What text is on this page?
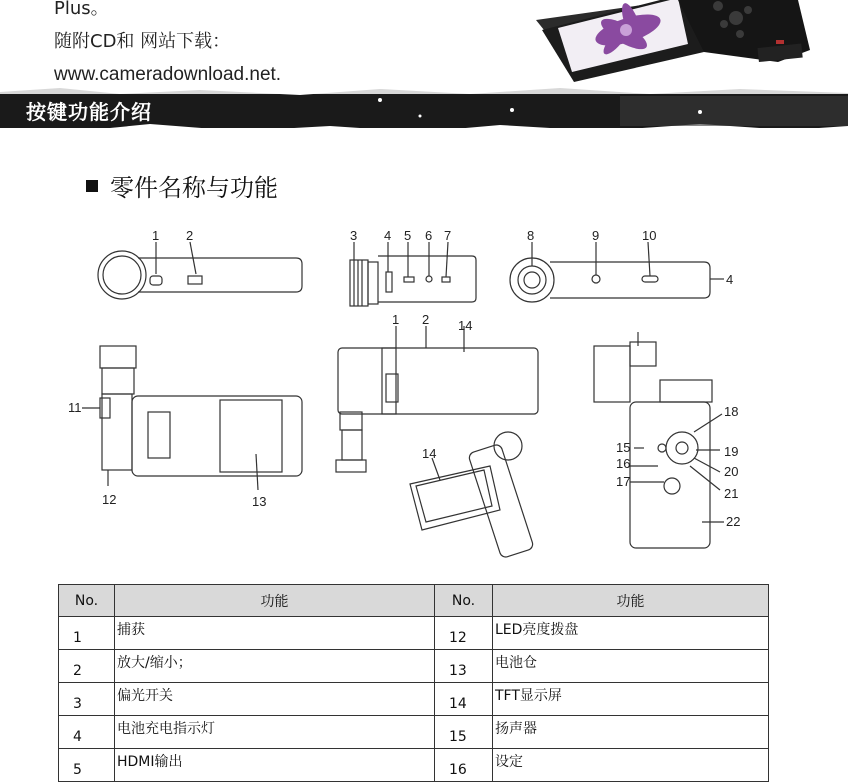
Plus。
随附CD和 网站下载：
www.cameradownload.net.
按键功能介绍
零件名称与功能
1 2	3 4 5 6 7	8	9	10
4
11
12	13
1 2 14
14	15
16
17
18
19
20
21
22
No.	功能	No.	功能
1	捕获	12	LED亮度拨盘
2	放大/缩小；	13	电池仓
3	偏光开关	14	TFT显示屏
4	电池充电指示灯	15	扬声器
5	HDMI输出	16	设定
